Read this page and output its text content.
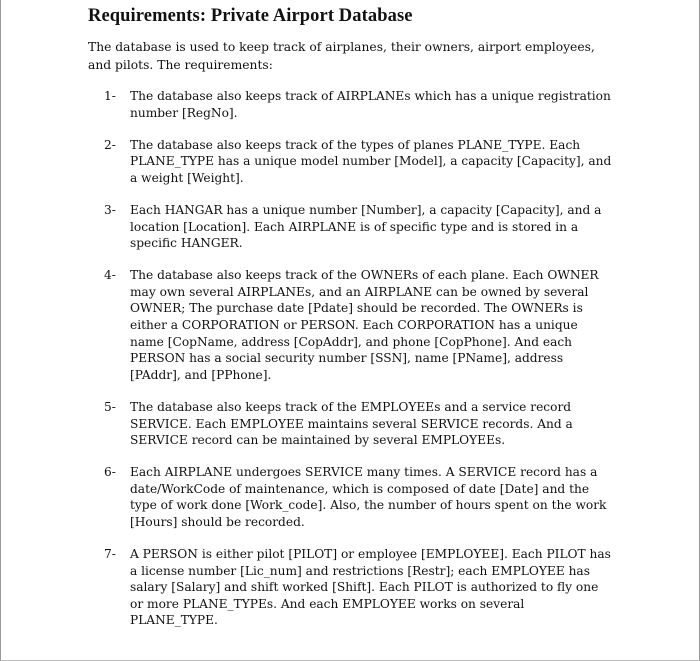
Requirements: Private Airport Database

The database is used to keep track of airplanes, their owners, airport employees, and pilots. The requirements:

1-	The database also keeps track of AIRPLANEs which has a unique registration number [RegNo].
2-	The database also keeps track of the types of planes PLANE_TYPE. Each PLANE_TYPE has a unique model number [Model], a capacity [Capacity], and a weight [Weight].
3-	Each HANGAR has a unique number [Number], a capacity [Capacity], and a location [Location]. Each AIRPLANE is of specific type and is stored in a specific HANGER.
4-	The database also keeps track of the OWNERs of each plane. Each OWNER may own several AIRPLANEs, and an AIRPLANE can be owned by several OWNER; The purchase date [Pdate] should be recorded. The OWNERs is either a CORPORATION or PERSON. Each CORPORATION has a unique name [CopName, address [CopAddr], and phone [CopPhone]. And each PERSON has a social security number [SSN], name [PName], address [PAddr], and [PPhone].
5-	The database also keeps track of the EMPLOYEEs and a service record SERVICE. Each EMPLOYEE maintains several SERVICE records. And a SERVICE record can be maintained by several EMPLOYEEs.
6-	Each AIRPLANE undergoes SERVICE many times. A SERVICE record has a date/WorkCode of maintenance, which is composed of date [Date] and the type of work done [Work_code]. Also, the number of hours spent on the work [Hours] should be recorded.
7-	A PERSON is either pilot [PILOT] or employee [EMPLOYEE]. Each PILOT has a license number [Lic_num] and restrictions [Restr]; each EMPLOYEE has salary [Salary] and shift worked [Shift]. Each PILOT is authorized to fly one or more PLANE_TYPEs. And each EMPLOYEE works on several PLANE_TYPE.
